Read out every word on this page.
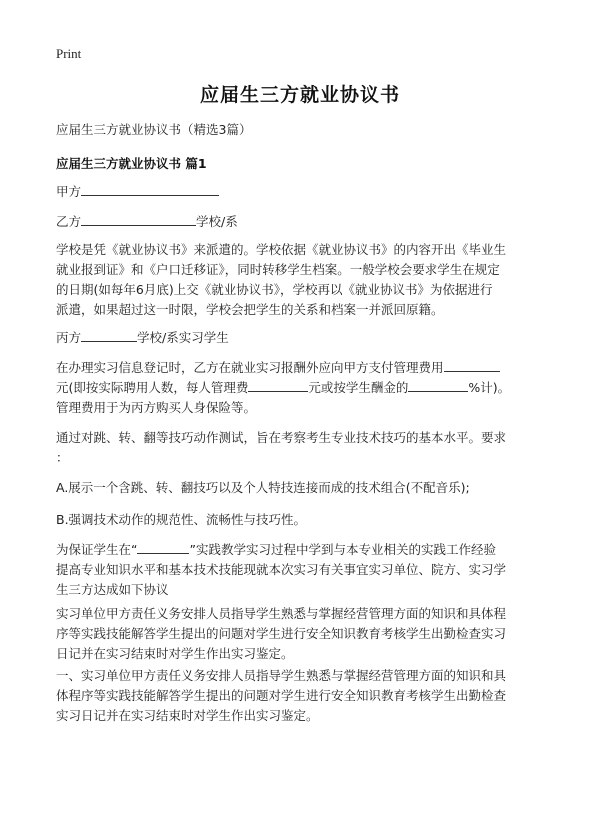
Print
应届生三方就业协议书
应届生三方就业协议书（精选3篇）
应届生三方就业协议书 篇1
甲方
乙方	学校/系
学校是凭《就业协议书》来派遣的。学校依据《就业协议书》的内容开出《毕业生
就业报到证》和《户口迁移证》，同时转移学生档案。一般学校会要求学生在规定
的日期(如每年6月底)上交《就业协议书》，学校再以《就业协议书》为依据进行
派遣，如果超过这一时限，学校会把学生的关系和档案一并派回原籍。
丙方	学校/系实习学生
在办理实习信息登记时，乙方在就业实习报酬外应向甲方支付管理费用
元(即按实际聘用人数，每人管理费	元或按学生酬金的	%计)。
管理费用于为丙方购买人身保险等。
通过对跳、转、翻等技巧动作测试，旨在考察考生专业技术技巧的基本水平。要求
：
A.展示一个含跳、转、翻技巧以及个人特技连接而成的技术组合(不配音乐);
B.强调技术动作的规范性、流畅性与技巧性。
为保证学生在“	”实践教学实习过程中学到与本专业相关的实践工作经验
提高专业知识水平和基本技术技能现就本次实习有关事宜实习单位、院方、实习学
生三方达成如下协议
实习单位甲方责任义务安排人员指导学生熟悉与掌握经营管理方面的知识和具体程
序等实践技能解答学生提出的问题对学生进行安全知识教育考核学生出勤检查实习
日记并在实习结束时对学生作出实习鉴定。
一、实习单位甲方责任义务安排人员指导学生熟悉与掌握经营管理方面的知识和具
体程序等实践技能解答学生提出的问题对学生进行安全知识教育考核学生出勤检查
实习日记并在实习结束时对学生作出实习鉴定。
